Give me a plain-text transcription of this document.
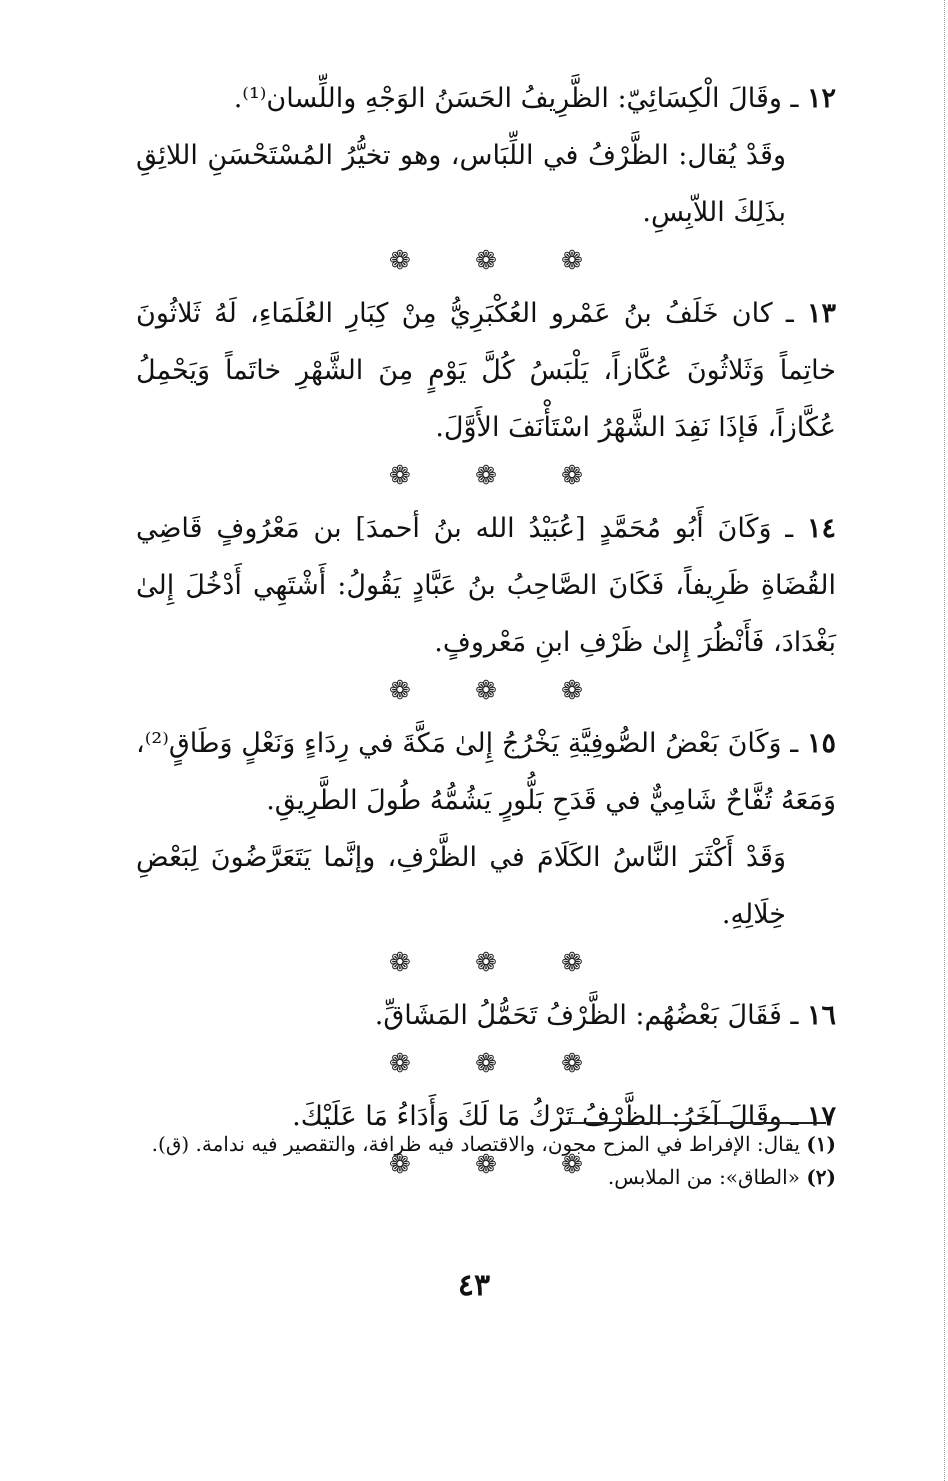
١٢ ـ وقَالَ الْكِسَائِيّ: الظَّرِيفُ الحَسَنُ الوَجْهِ واللِّسان⁽¹⁾.

وقَدْ يُقال: الظَّرْفُ في اللِّبَاس، وهو تخيُّرُ المُسْتَحْسَنِ اللائِقِ بذَلِكَ اللاّبِسِ.

❁ ❁ ❁

١٣ ـ كان خَلَفُ بنُ عَمْرو العُكْبَرِيُّ مِنْ كِبَارِ العُلَمَاءِ، لَهُ ثَلاثُونَ خاتِماً وَثَلاثُونَ عُكَّازاً، يَلْبَسُ كُلَّ يَوْمٍ مِنَ الشَّهْرِ خاتَماً وَيَحْمِلُ عُكَّازاً، فَإذَا نَفِدَ الشَّهْرُ اسْتَأْنَفَ الأَوَّلَ.

❁ ❁ ❁

١٤ ـ وَكَانَ أَبُو مُحَمَّدٍ [عُبَيْدُ الله بنُ أحمدَ] بن مَعْرُوفٍ قَاضِي القُضَاةِ ظَرِيفاً، فَكَانَ الصَّاحِبُ بنُ عَبَّادٍ يَقُولُ: أَشْتَهِي أَدْخُلَ إِلىٰ بَغْدَادَ، فَأَنْظُرَ إِلىٰ ظَرْفِ ابنِ مَعْروفٍ.

❁ ❁ ❁

١٥ ـ وَكَانَ بَعْضُ الصُّوفِيَّةِ يَخْرُجُ إِلىٰ مَكَّةَ في رِدَاءٍ وَنَعْلٍ وَطَاقٍ⁽²⁾، وَمَعَهُ تُفَّاحٌ شَامِيٌّ في قَدَحِ بَلُّورٍ يَشُمُّهُ طُولَ الطَّرِيقِ.

وَقَدْ أَكْثَرَ النَّاسُ الكَلَامَ في الظَّرْفِ، وإنَّما يَتَعَرَّضُونَ لِبَعْضِ خِلَالِهِ.

❁ ❁ ❁

١٦ ـ فَقَالَ بَعْضُهُم: الظَّرْفُ تَحَمُّلُ المَشَاقِّ.

❁ ❁ ❁

١٧ ـ وقَالَ آخَرُ: الظَّرْفُ تَرْكُ مَا لَكَ وَأَدَاءُ مَا عَلَيْكَ.

❁ ❁ ❁

(١) يقال: الإفراط في المزح مجون، والاقتصاد فيه ظرافة، والتقصير فيه ندامة. (ق).

(٢) «الطاق»: من الملابس.

٤٣
